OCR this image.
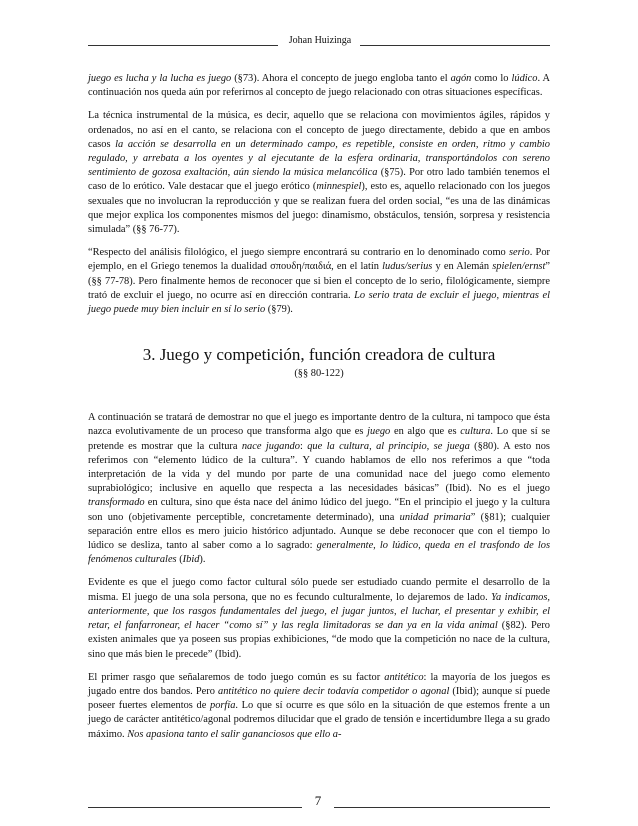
Johan Huizinga

juego es lucha y la lucha es juego (§73). Ahora el concepto de juego engloba tanto el agón como lo lúdico. A continuación nos queda aún por referirnos al concepto de juego relacionado con otras situaciones específicas.

La técnica instrumental de la música, es decir, aquello que se relaciona con movimientos ágiles, rápidos y ordenados, no así en el canto, se relaciona con el concepto de juego directamente, debido a que en ambos casos la acción se desarrolla en un determinado campo, es repetible, consiste en orden, ritmo y cambio regulado, y arrebata a los oyentes y al ejecutante de la esfera ordinaria, transportándolos con sereno sentimiento de gozosa exaltación, aún siendo la música melancólica (§75). Por otro lado también tenemos el caso de lo erótico. Vale destacar que el juego erótico (minnespiel), esto es, aquello relacionado con los juegos sexuales que no involucran la reproducción y que se realizan fuera del orden social, “es una de las dinámicas que mejor explica los componentes mismos del juego: dinamismo, obstáculos, tensión, sorpresa y resistencia simulada” (§§ 76-77).

“Respecto del análisis filológico, el juego siempre encontrará su contrario en lo denominado como serio. Por ejemplo, en el Griego tenemos la dualidad σπουδη/παιδιά, en el latín ludus/serius y en Alemán spielen/ernst” (§§ 77-78). Pero finalmente hemos de reconocer que si bien el concepto de lo serio, filológicamente, siempre trató de excluir el juego, no ocurre así en dirección contraria. Lo serio trata de excluir el juego, mientras el juego puede muy bien incluir en sí lo serio (§79).

3. Juego y competición, función creadora de cultura
(§§ 80-122)

A continuación se tratará de demostrar no que el juego es importante dentro de la cultura, ni tampoco que ésta nazca evolutivamente de un proceso que transforma algo que es juego en algo que es cultura. Lo que sí se pretende es mostrar que la cultura nace jugando: que la cultura, al principio, se juega (§80). A esto nos referimos con “elemento lúdico de la cultura”. Y cuando hablamos de ello nos referimos a que “toda interpretación de la vida y del mundo por parte de una comunidad nace del juego como elemento suprabiológico; inclusive en aquello que respecta a las necesidades básicas” (Ibid). No es el juego transformado en cultura, sino que ésta nace del ánimo lúdico del juego. “En el principio el juego y la cultura son uno (objetivamente perceptible, concretamente determinado), una unidad primaria” (§81); cualquier separación entre ellos es mero juicio histórico adjuntado. Aunque se debe reconocer que con el tiempo lo lúdico se desliza, tanto al saber como a lo sagrado: generalmente, lo lúdico, queda en el trasfondo de los fenómenos culturales (Ibid).

Evidente es que el juego como factor cultural sólo puede ser estudiado cuando permite el desarrollo de la misma. El juego de una sola persona, que no es fecundo culturalmente, lo dejaremos de lado. Ya indicamos, anteriormente, que los rasgos fundamentales del juego, el jugar juntos, el luchar, el presentar y exhibir, el retar, el fanfarronear, el hacer “como sí” y las regla limitadoras se dan ya en la vida animal (§82). Pero existen animales que ya poseen sus propias exhibiciones, “de modo que la competición no nace de la cultura, sino que más bien le precede” (Ibid).

El primer rasgo que señalaremos de todo juego común es su factor antitético: la mayoría de los juegos es jugado entre dos bandos. Pero antitético no quiere decir todavía competidor o agonal (Ibid); aunque sí puede poseer fuertes elementos de porfía. Lo que sí ocurre es que sólo en la situación de que estemos frente a un juego de carácter antitético/agonal podremos dilucidar que el grado de tensión e incertidumbre llega a su grado máximo. Nos apasiona tanto el salir gananciosos que ello a-

7
